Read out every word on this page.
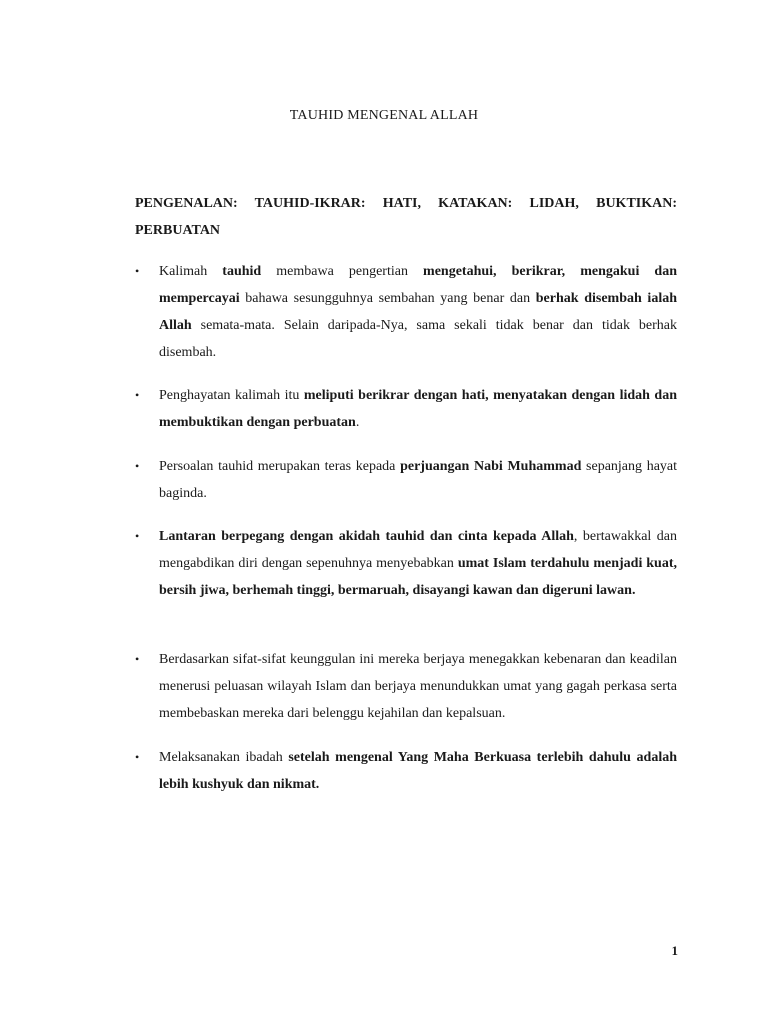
TAUHID MENGENAL ALLAH
PENGENALAN: TAUHID-IKRAR: HATI, KATAKAN: LIDAH, BUKTIKAN: PERBUATAN
•	Kalimah tauhid membawa pengertian mengetahui, berikrar, mengakui dan mempercayai bahawa sesungguhnya sembahan yang benar dan berhak disembah ialah Allah semata-mata. Selain daripada-Nya, sama sekali tidak benar dan tidak berhak disembah.
•	Penghayatan kalimah itu meliputi berikrar dengan hati, menyatakan dengan lidah dan membuktikan dengan perbuatan.
•	Persoalan tauhid merupakan teras kepada perjuangan Nabi Muhammad sepanjang hayat baginda.
•	Lantaran berpegang dengan akidah tauhid dan cinta kepada Allah, bertawakkal dan mengabdikan diri dengan sepenuhnya menyebabkan umat Islam terdahulu menjadi kuat, bersih jiwa, berhemah tinggi, bermaruah, disayangi kawan dan digeruni lawan.
•	Berdasarkan sifat-sifat keunggulan ini mereka berjaya menegakkan kebenaran dan keadilan menerusi peluasan wilayah Islam dan berjaya menundukkan umat yang gagah perkasa serta membebaskan mereka dari belenggu kejahilan dan kepalsuan.
•	Melaksanakan ibadah setelah mengenal Yang Maha Berkuasa terlebih dahulu adalah lebih kushyuk dan nikmat.
1
